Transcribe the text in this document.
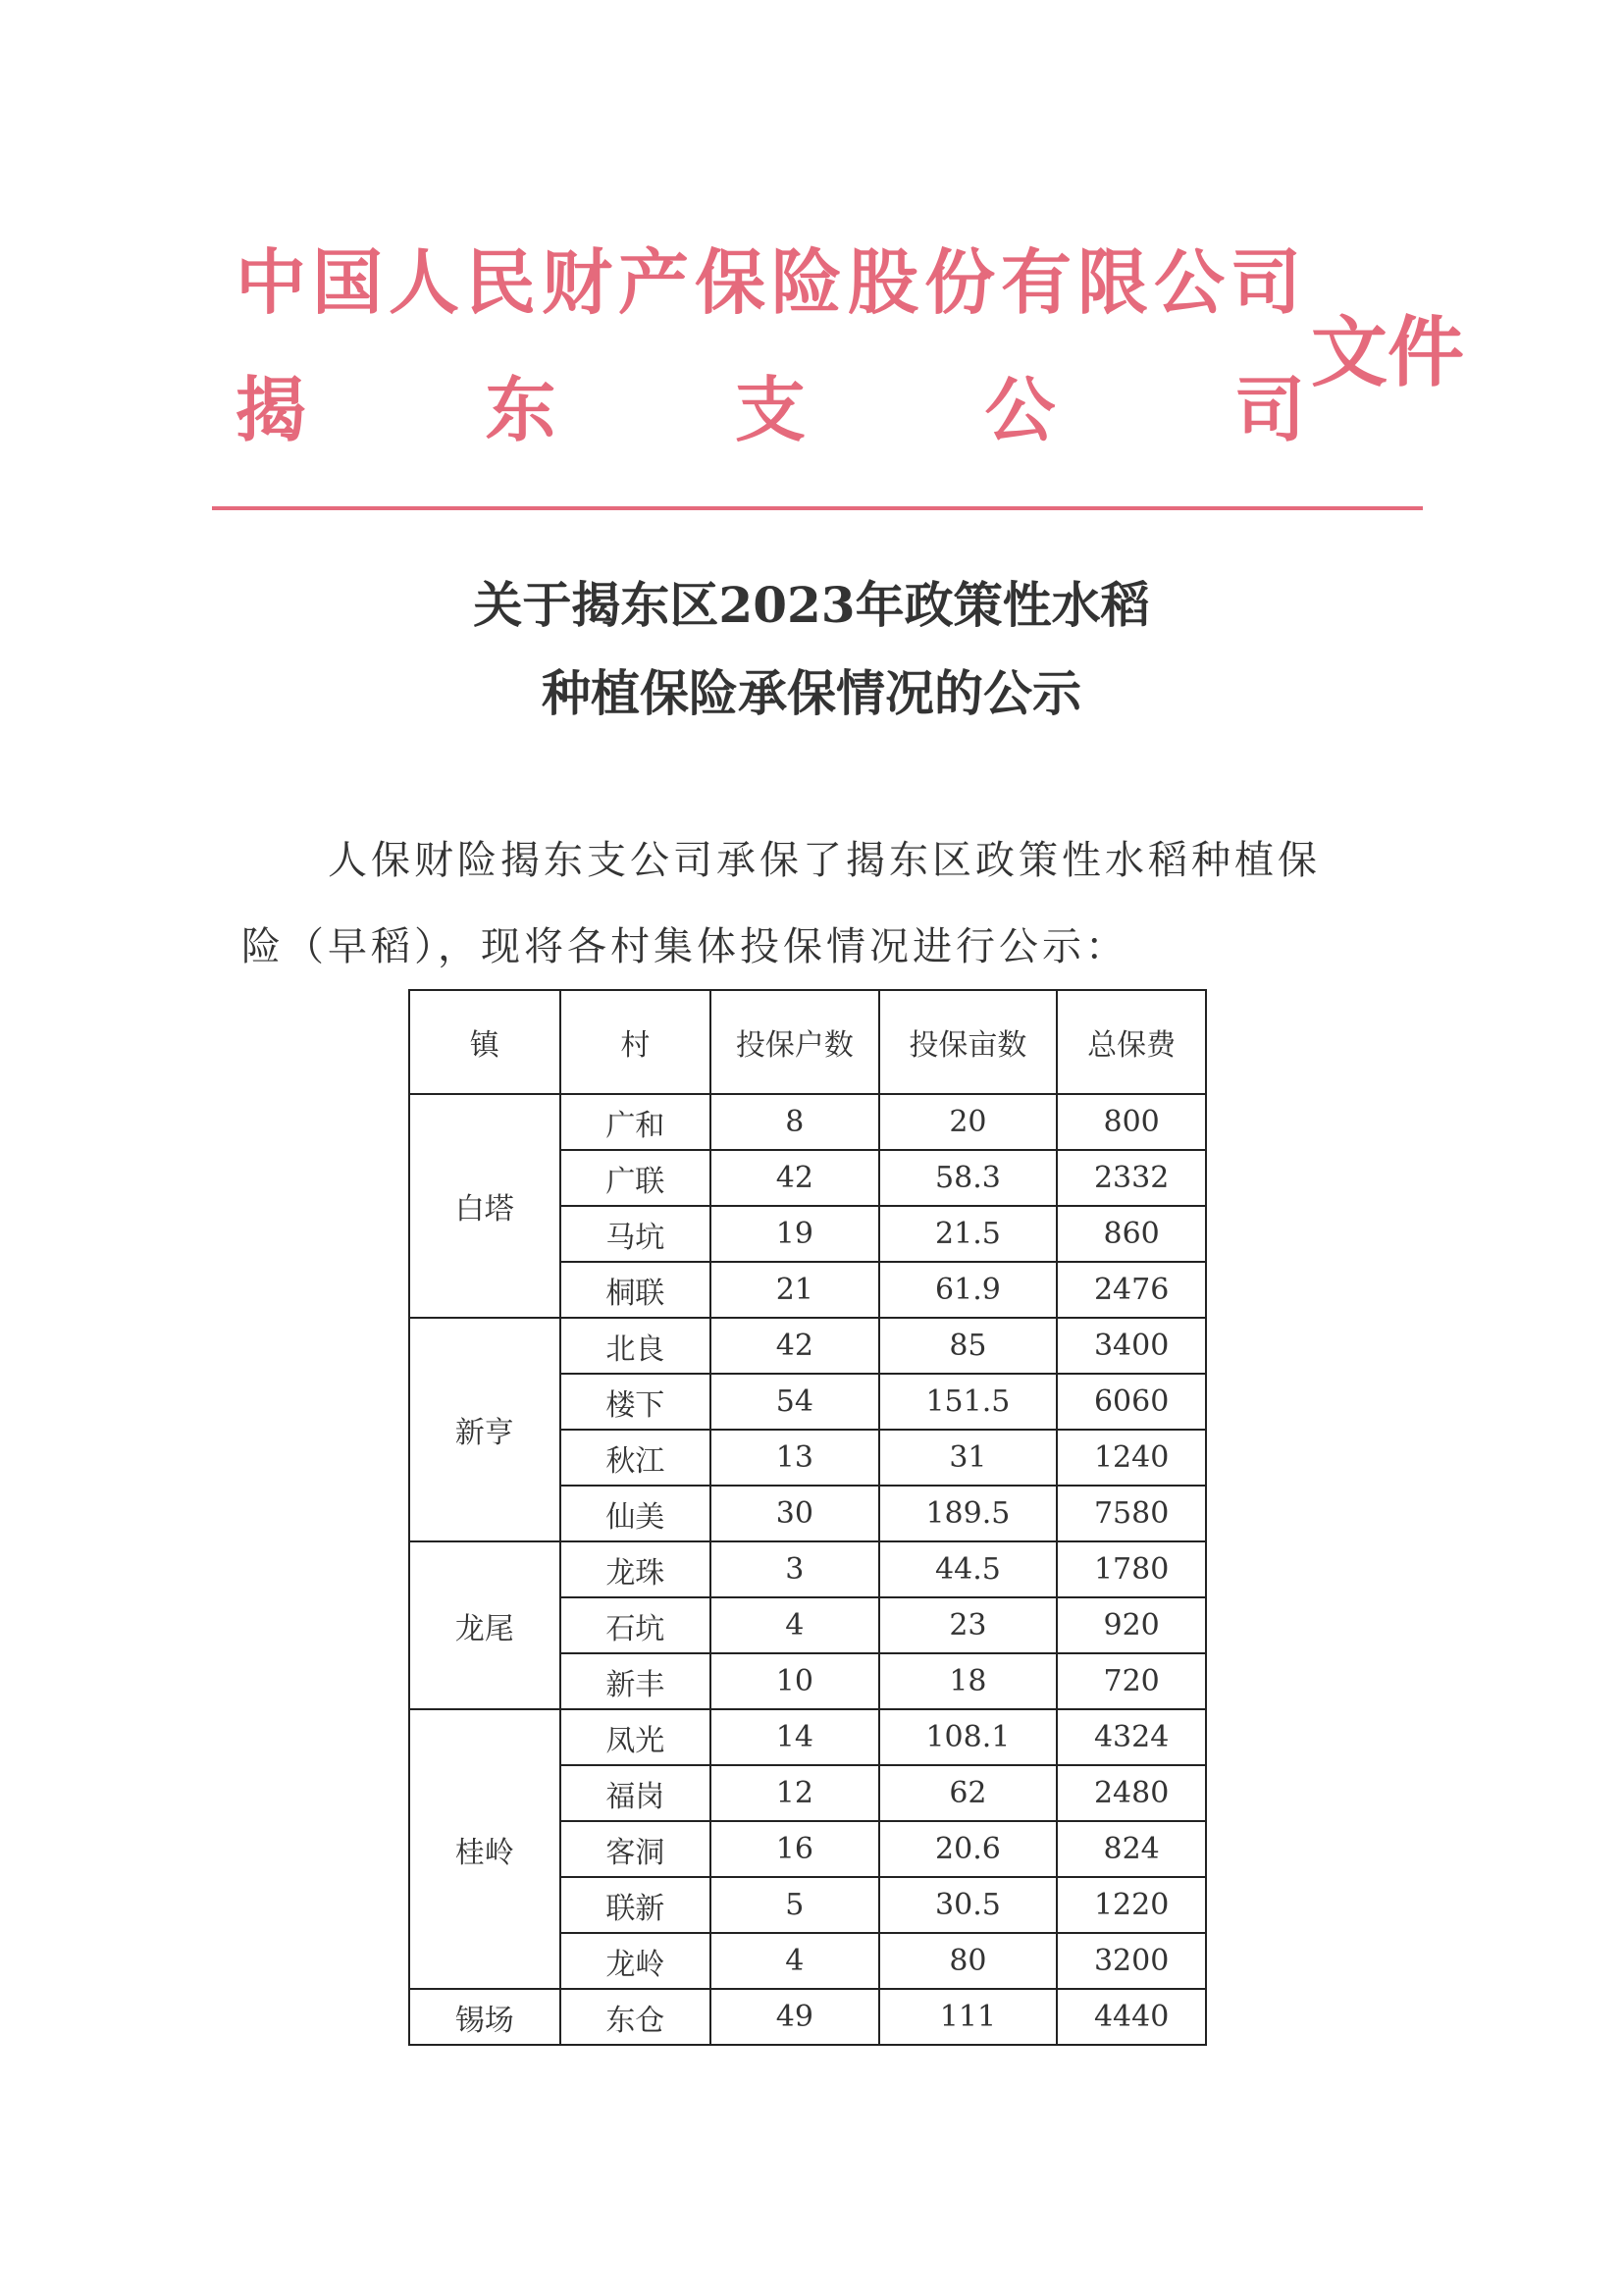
中国人民财产保险股份有限公司
揭	东	支	公	司
文件
关于揭东区2023年政策性水稻
种植保险承保情况的公示
人保财险揭东支公司承保了揭东区政策性水稻种植保
险（早稻），现将各村集体投保情况进行公示：
镇	村	投保户数	投保亩数	总保费
白塔	广和	8	20	800
	广联	42	58.3	2332
	马坑	19	21.5	860
	桐联	21	61.9	2476
新亨	北良	42	85	3400
	楼下	54	151.5	6060
	秋江	13	31	1240
	仙美	30	189.5	7580
龙尾	龙珠	3	44.5	1780
	石坑	4	23	920
	新丰	10	18	720
桂岭	凤光	14	108.1	4324
	福岗	12	62	2480
	客洞	16	20.6	824
	联新	5	30.5	1220
	龙岭	4	80	3200
锡场	东仓	49	111	4440
